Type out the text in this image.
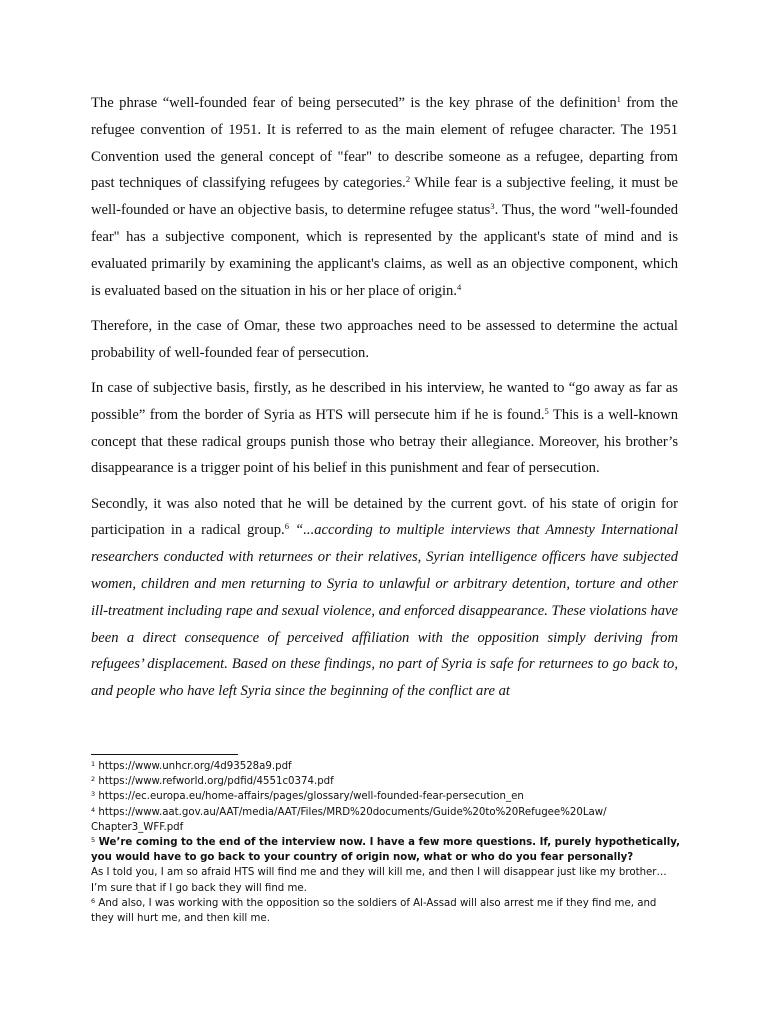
The phrase “well-founded fear of being persecuted” is the key phrase of the definition$^1$ from the refugee convention of 1951. It is referred to as the main element of refugee character. The 1951 Convention used the general concept of "fear" to describe someone as a refugee, departing from past techniques of classifying refugees by categories.$^2$ While fear is a subjective feeling, it must be well-founded or have an objective basis, to determine refugee status$^3$. Thus, the word "well-founded fear" has a subjective component, which is represented by the applicant's state of mind and is evaluated primarily by examining the applicant's claims, as well as an objective component, which is evaluated based on the situation in his or her place of origin.$^4$

Therefore, in the case of Omar, these two approaches need to be assessed to determine the actual probability of well-founded fear of persecution.

In case of subjective basis, firstly, as he described in his interview, he wanted to “go away as far as possible” from the border of Syria as HTS will persecute him if he is found.$^5$ This is a well-known concept that these radical groups punish those who betray their allegiance. Moreover, his brother’s disappearance is a trigger point of his belief in this punishment and fear of persecution.

Secondly, it was also noted that he will be detained by the current govt. of his state of origin for participation in a radical group.$^6$ “...according to multiple interviews that Amnesty International researchers conducted with returnees or their relatives, Syrian intelligence officers have subjected women, children and men returning to Syria to unlawful or arbitrary detention, torture and other ill-treatment including rape and sexual violence, and enforced disappearance. These violations have been a direct consequence of perceived affiliation with the opposition simply deriving from refugees’ displacement. Based on these findings, no part of Syria is safe for returnees to go back to, and people who have left Syria since the beginning of the conflict are at

$^1$ https://www.unhcr.org/4d93528a9.pdf

$^2$ https://www.refworld.org/pdfid/4551c0374.pdf

$^3$ https://ec.europa.eu/home-affairs/pages/glossary/well-founded-fear-persecution_en

$^4$ https://www.aat.gov.au/AAT/media/AAT/Files/MRD%20documents/Guide%20to%20Refugee%20Law/ Chapter3_WFF.pdf

$^5$ We’re coming to the end of the interview now. I have a few more questions. If, purely hypothetically, you would have to go back to your country of origin now, what or who do you fear personally?
As I told you, I am so afraid HTS will find me and they will kill me, and then I will disappear just like my brother… I’m sure that if I go back they will find me.

$^6$ And also, I was working with the opposition so the soldiers of Al-Assad will also arrest me if they find me, and they will hurt me, and then kill me.
